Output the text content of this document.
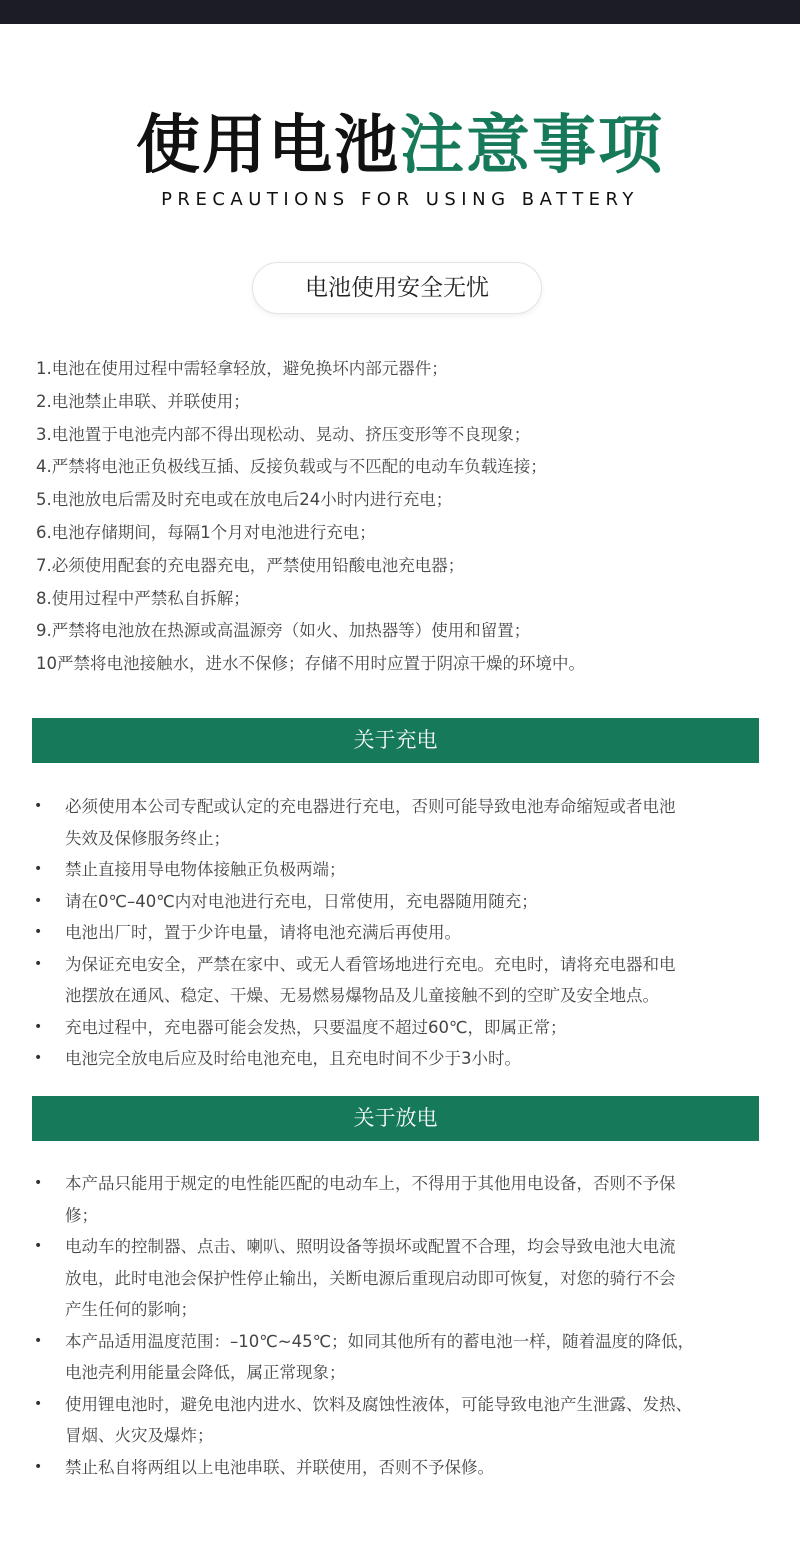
使用电池注意事项
PRECAUTIONS FOR USING BATTERY
电池使用安全无忧
1.电池在使用过程中需轻拿轻放，避免换坏内部元器件；
2.电池禁止串联、并联使用；
3.电池置于电池壳内部不得出现松动、晃动、挤压变形等不良现象；
4.严禁将电池正负极线互插、反接负载或与不匹配的电动车负载连接；
5.电池放电后需及时充电或在放电后24小时内进行充电；
6.电池存储期间，每隔1个月对电池进行充电；
7.必须使用配套的充电器充电，严禁使用铅酸电池充电器；
8.使用过程中严禁私自拆解；
9.严禁将电池放在热源或高温源旁（如火、加热器等）使用和留置；
10严禁将电池接触水，进水不保修；存储不用时应置于阴凉干燥的环境中。
关于充电
• 必须使用本公司专配或认定的充电器进行充电，否则可能导致电池寿命缩短或者电池
失效及保修服务终止；
• 禁止直接用导电物体接触正负极两端；
• 请在0℃–40℃内对电池进行充电，日常使用，充电器随用随充；
• 电池出厂时，置于少许电量，请将电池充满后再使用。
• 为保证充电安全，严禁在家中、或无人看管场地进行充电。充电时，请将充电器和电
池摆放在通风、稳定、干燥、无易燃易爆物品及儿童接触不到的空旷及安全地点。
• 充电过程中，充电器可能会发热，只要温度不超过60℃，即属正常；
• 电池完全放电后应及时给电池充电，且充电时间不少于3小时。
关于放电
• 本产品只能用于规定的电性能匹配的电动车上，不得用于其他用电设备，否则不予保
修；
• 电动车的控制器、点击、喇叭、照明设备等损坏或配置不合理，均会导致电池大电流
放电，此时电池会保护性停止输出，关断电源后重现启动即可恢复，对您的骑行不会
产生任何的影响；
• 本产品适用温度范围：–10℃~45℃；如同其他所有的蓄电池一样，随着温度的降低，
电池壳利用能量会降低，属正常现象；
• 使用锂电池时，避免电池内进水、饮料及腐蚀性液体，可能导致电池产生泄露、发热、
冒烟、火灾及爆炸；
• 禁止私自将两组以上电池串联、并联使用，否则不予保修。
